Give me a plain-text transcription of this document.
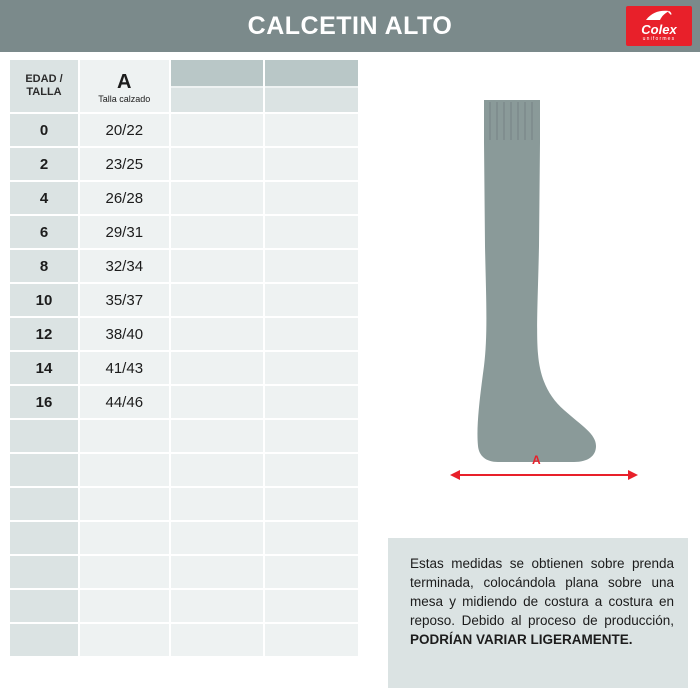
CALCETIN ALTO	Colex
uniformes
EDAD /
TALLA	A
Talla calzado		

0	20/22		
2	23/25		
4	26/28		
6	29/31		
8	32/34		
10	35/37		
12	38/40		
14	41/43		
16	44/46		

A

Estas medidas se obtienen sobre prenda terminada, colocándola plana sobre una mesa y midiendo de costura a costura en reposo. Debido al proceso de producción, PODRÍAN VARIAR LIGERAMENTE.
